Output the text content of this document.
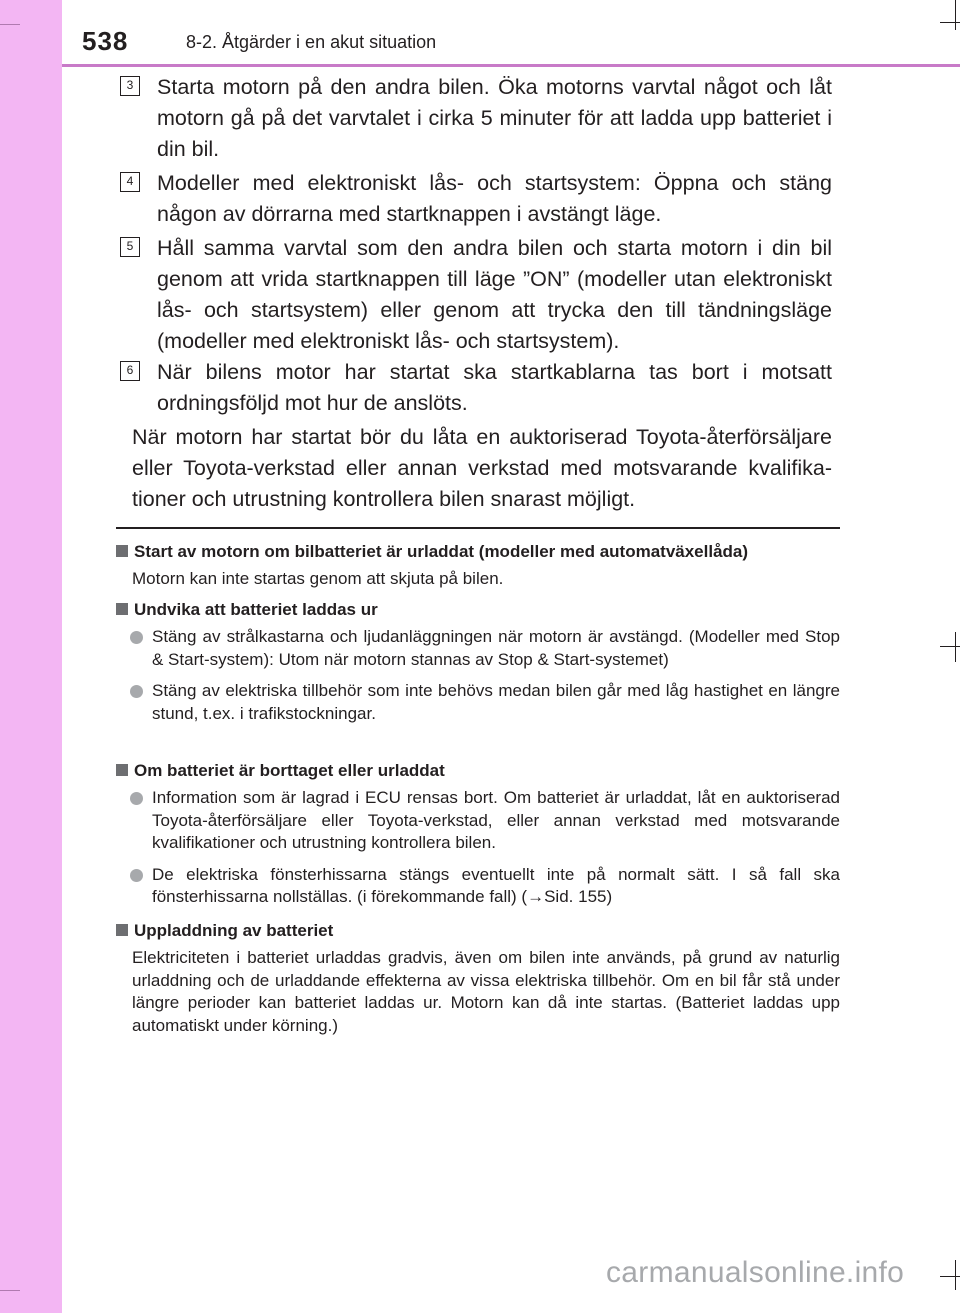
538	8-2. Åtgärder i en akut situation
3	Starta motorn på den andra bilen. Öka motorns varvtal något och låt motorn gå på det varvtalet i cirka 5 minuter för att ladda upp batteriet i din bil.
4	Modeller med elektroniskt lås- och startsystem: Öppna och stäng någon av dörrarna med startknappen i avstängt läge.
5	Håll samma varvtal som den andra bilen och starta motorn i din bil genom att vrida startknappen till läge ”ON” (modeller utan elektroniskt lås- och startsystem) eller genom att trycka den till tändningsläge (modeller med elektroniskt lås- och startsystem).
6	När bilens motor har startat ska startkablarna tas bort i motsatt ordningsföljd mot hur de anslöts.
När motorn har startat bör du låta en auktoriserad Toyota-återförsäljare eller Toyota-verkstad eller annan verkstad med motsvarande kvalifika-tioner och utrustning kontrollera bilen snarast möjligt.
Start av motorn om bilbatteriet är urladdat (modeller med automatväxellåda)
Motorn kan inte startas genom att skjuta på bilen.
Undvika att batteriet laddas ur
Stäng av strålkastarna och ljudanläggningen när motorn är avstängd. (Modeller med Stop & Start-system): Utom när motorn stannas av Stop & Start-systemet)
Stäng av elektriska tillbehör som inte behövs medan bilen går med låg hastighet en längre stund, t.ex. i trafikstockningar.
Om batteriet är borttaget eller urladdat
Information som är lagrad i ECU rensas bort. Om batteriet är urladdat, låt en auktoriserad Toyota-återförsäljare eller Toyota-verkstad, eller annan verkstad med motsvarande kvalifikationer och utrustning kontrollera bilen.
De elektriska fönsterhissarna stängs eventuellt inte på normalt sätt. I så fall ska fönsterhissarna nollställas. (i förekommande fall) (→Sid. 155)
Uppladdning av batteriet
Elektriciteten i batteriet urladdas gradvis, även om bilen inte används, på grund av naturlig urladdning och de urladdande effekterna av vissa elektriska tillbehör. Om en bil får stå under längre perioder kan batteriet laddas ur. Motorn kan då inte startas. (Batteriet laddas upp automatiskt under körning.)
carmanualsonline.info
